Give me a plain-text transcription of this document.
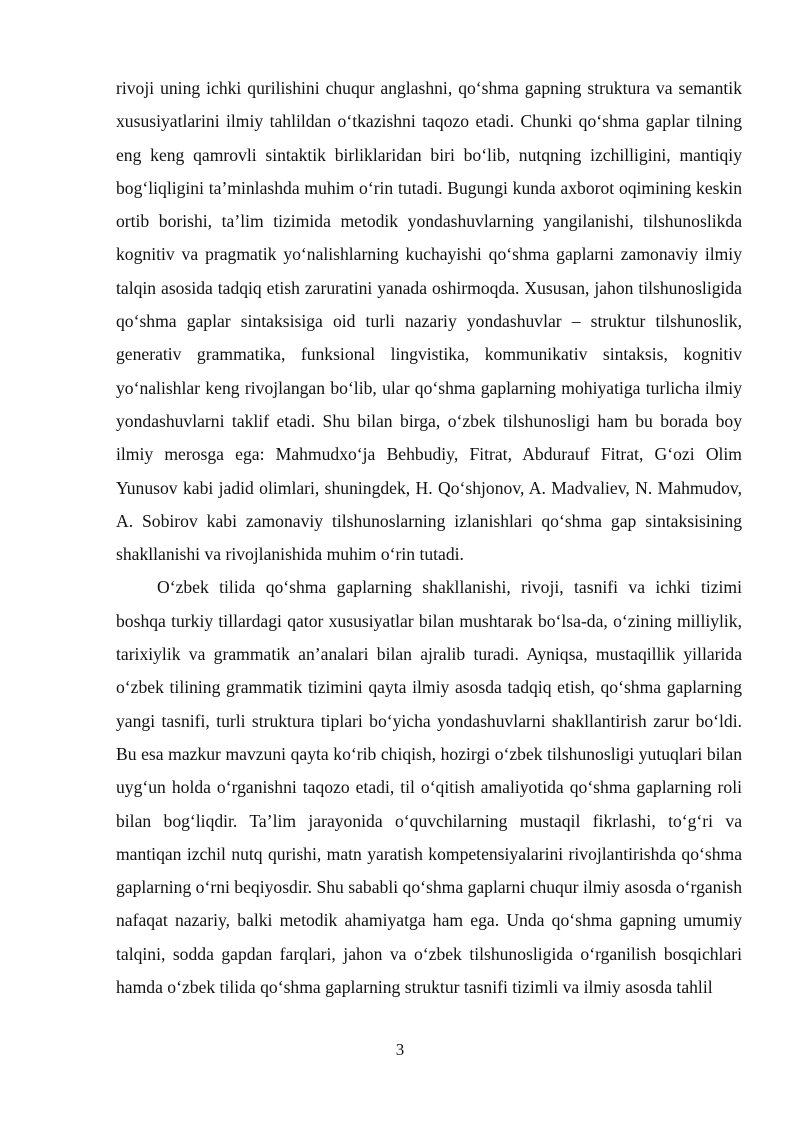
rivoji uning ichki qurilishini chuqur anglashni, qo‘shma gapning struktura va semantik xususiyatlarini ilmiy tahlildan o‘tkazishni taqozo etadi. Chunki qo‘shma gaplar tilning eng keng qamrovli sintaktik birliklaridan biri bo‘lib, nutqning izchilligini, mantiqiy bog‘liqligini ta’minlashda muhim o‘rin tutadi. Bugungi kunda axborot oqimining keskin ortib borishi, ta’lim tizimida metodik yondashuvlarning yangilanishi, tilshunoslikda kognitiv va pragmatik yo‘nalishlarning kuchayishi qo‘shma gaplarni zamonaviy ilmiy talqin asosida tadqiq etish zaruratini yanada oshirmoqda. Xususan, jahon tilshunosligida qo‘shma gaplar sintaksisiga oid turli nazariy yondashuvlar – struktur tilshunoslik, generativ grammatika, funksional lingvistika, kommunikativ sintaksis, kognitiv yo‘nalishlar keng rivojlangan bo‘lib, ular qo‘shma gaplarning mohiyatiga turlicha ilmiy yondashuvlarni taklif etadi. Shu bilan birga, o‘zbek tilshunosligi ham bu borada boy ilmiy merosga ega: Mahmudxo‘ja Behbudiy, Fitrat, Abdurauf Fitrat, G‘ozi Olim Yunusov kabi jadid olimlari, shuningdek, H. Qo‘shjonov, A. Madvaliev, N. Mahmudov, A. Sobirov kabi zamonaviy tilshunoslarning izlanishlari qo‘shma gap sintaksisining shakllanishi va rivojlanishida muhim o‘rin tutadi.

O‘zbek tilida qo‘shma gaplarning shakllanishi, rivoji, tasnifi va ichki tizimi boshqa turkiy tillardagi qator xususiyatlar bilan mushtarak bo‘lsa-da, o‘zining milliylik, tarixiylik va grammatik an’analari bilan ajralib turadi. Ayniqsa, mustaqillik yillarida o‘zbek tilining grammatik tizimini qayta ilmiy asosda tadqiq etish, qo‘shma gaplarning yangi tasnifi, turli struktura tiplari bo‘yicha yondashuvlarni shakllantirish zarur bo‘ldi. Bu esa mazkur mavzuni qayta ko‘rib chiqish, hozirgi o‘zbek tilshunosligi yutuqlari bilan uyg‘un holda o‘rganishni taqozo etadi, til o‘qitish amaliyotida qo‘shma gaplarning roli bilan bog‘liqdir. Ta’lim jarayonida o‘quvchilarning mustaqil fikrlashi, to‘g‘ri va mantiqan izchil nutq qurishi, matn yaratish kompetensiyalarini rivojlantirishda qo‘shma gaplarning o‘rni beqiyosdir. Shu sababli qo‘shma gaplarni chuqur ilmiy asosda o‘rganish nafaqat nazariy, balki metodik ahamiyatga ham ega. Unda qo‘shma gapning umumiy talqini, sodda gapdan farqlari, jahon va o‘zbek tilshunosligida o‘rganilish bosqichlari hamda o‘zbek tilida qo‘shma gaplarning struktur tasnifi tizimli va ilmiy asosda tahlil

3
